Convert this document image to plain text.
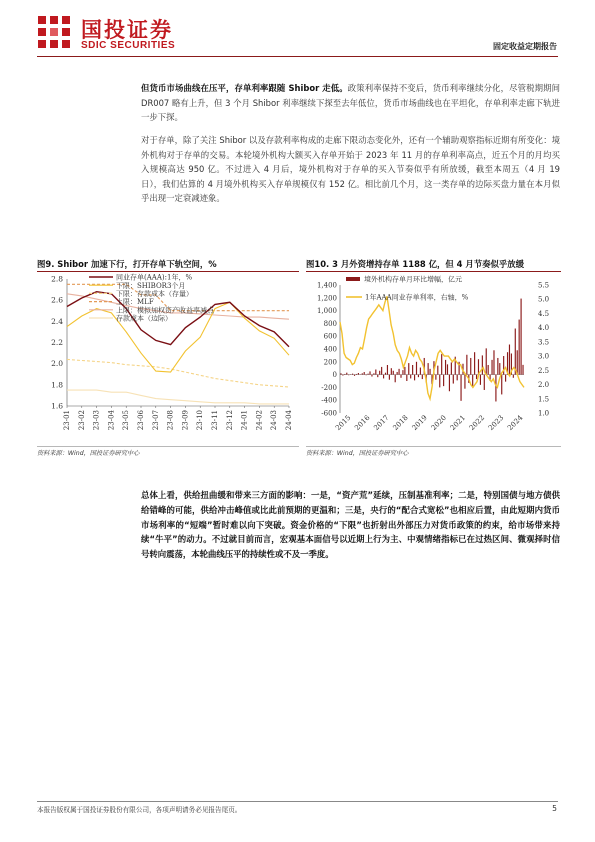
国投证券
SDIC SECURITIES	固定收益定期报告

但货币市场曲线在压平，存单利率跟随 Shibor 走低。政策利率保持不变后，货币利率继续分化，尽管税期期间 DR007 略有上升，但 3 个月 Shibor 利率继续下探至去年低位，货币市场曲线也在平坦化，存单利率走廊下轨进一步下探。

对于存单，除了关注 Shibor 以及存款利率构成的走廊下限动态变化外，还有一个辅助观察指标近期有所变化：境外机构对于存单的交易。本轮境外机构大额买入存单开始于 2023 年 11 月的存单利率高点，近五个月的月均买入规模高达 950 亿。不过进入 4 月后，境外机构对于存单的买入节奏似乎有所放缓，截至本周五（4 月 19 日），我们估算的 4 月境外机构买入存单规模仅有 152 亿。相比前几个月，这一类存单的边际买盘力量在本月似乎出现一定衰减迹象。

图9. Shibor 加速下行，打开存单下轨空间，%
1.6
1.8
2.0
2.2
2.4
2.6
2.8
23-01 23-02 23-03 23-04 23-05 23-06 23-07 23-08 23-09 23-10 23-11 23-12 24-01 24-02 24-03 24-04
同业存单(AAA):1年，%
下限：SHIBOR3个月
下限：存款成本（存量）
上限：MLF
上限：模拟加权资产收益率减点
存款成本（边际）
资料来源：Wind，国投证券研究中心
图10. 3 月外资增持存单 1188 亿，但 4 月节奏似乎放缓
-600
-400
-200
0
200
400
600
800
1,000
1,200
1,400
1.0
1.5
2.0
2.5
3.0
3.5
4.0
4.5
5.0
5.5
2015 2016 2017 2018 2019 2020 2021 2022 2023 2024
境外机构存单月环比增幅，亿元
1年AAA同业存单利率，右轴，%
资料来源：Wind，国投证券研究中心

总体上看，供给扭曲缓和带来三方面的影响：一是，“资产荒”延续，压制基准利率；二是，特别国债与地方债供给错峰的可能，供给冲击峰值或比此前预期的更温和；三是，央行的“配合式宽松”也相应后置，由此短期内货币市场利率的“短端”暂时难以向下突破。资金价格的“下限”也折射出外部压力对货币政策的约束，给市场带来持续“牛平”的动力。不过就目前而言，宏观基本面信号以近期上行为主、中观情绪指标已在过热区间、微观择时信号转向震荡，本轮曲线压平的持续性或不及一季度。

本报告版权属于国投证券股份有限公司，各项声明请务必见报告尾页。	5
